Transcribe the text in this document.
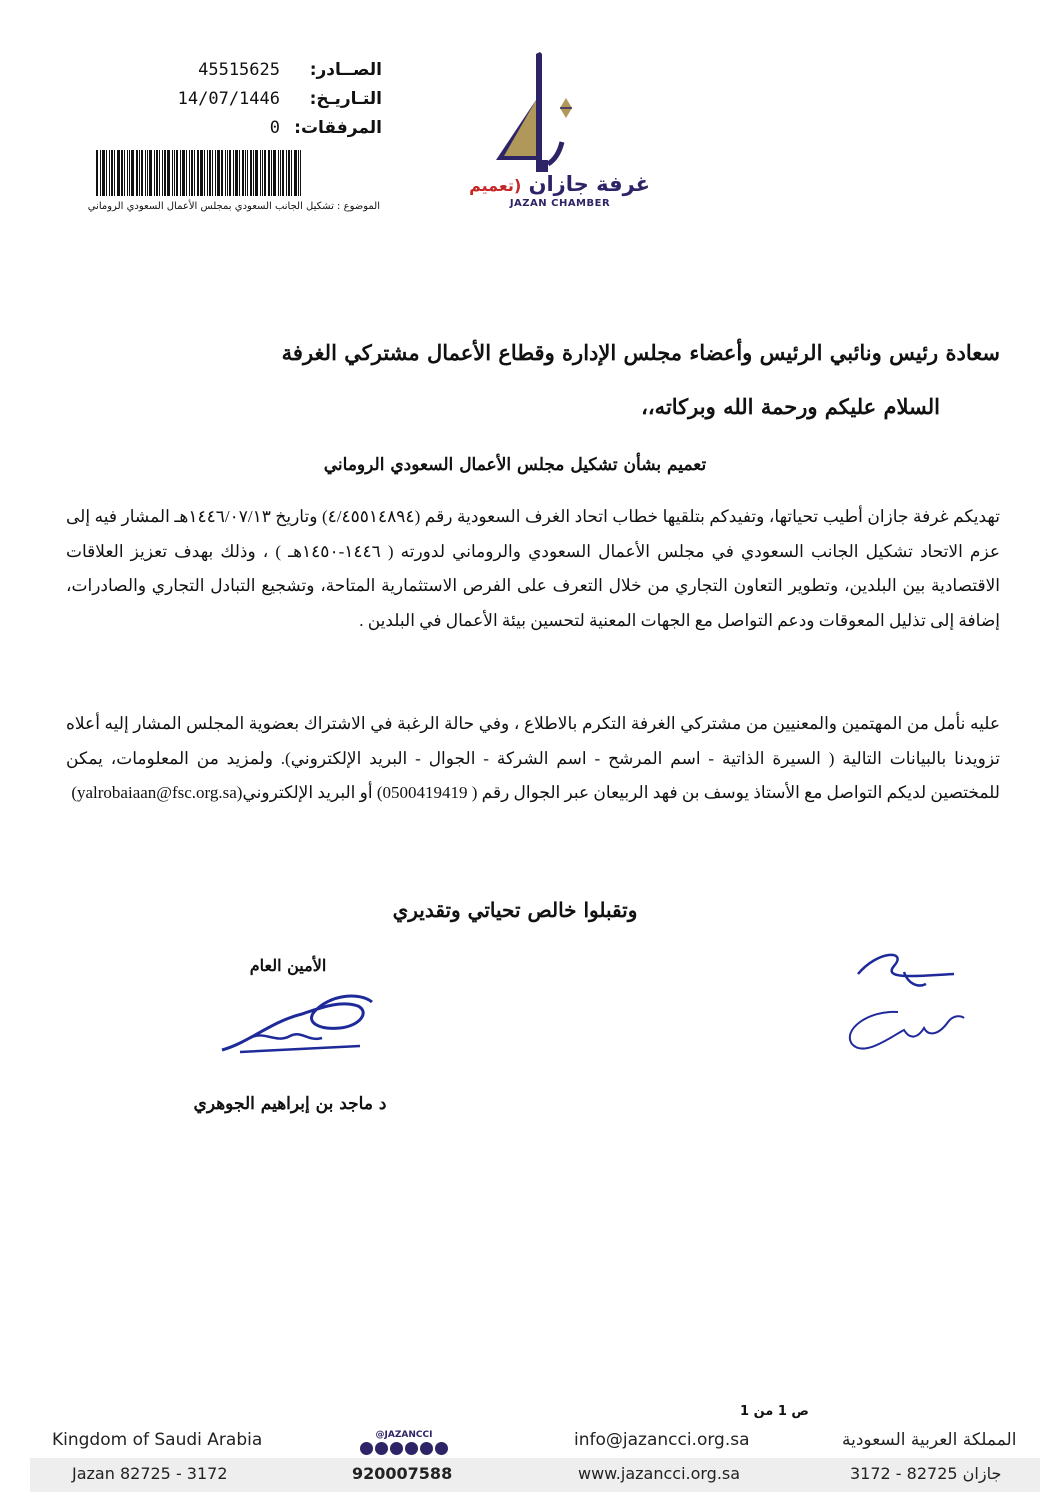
الصــادر:
45515625
التـاريـخ:
14/07/1446
المرفقات:
0
الموضوع : تشكيل الجانب السعودي بمجلس الأعمال السعودي الروماني
غرفة جازان (تعميم
JAZAN CHAMBER
سعادة رئيس ونائبي الرئيس وأعضاء مجلس الإدارة وقطاع الأعمال مشتركي الغرفة
السلام عليكم ورحمة الله وبركاته،،
تعميم بشأن تشكيل مجلس الأعمال السعودي الروماني
تهديكم غرفة جازان أطيب تحياتها، وتفيدكم بتلقيها خطاب اتحاد الغرف السعودية رقم (٤/٤٥٥١٤٨٩٤) وتاريخ ١٤٤٦/٠٧/١٣هـ المشار فيه إلى عزم الاتحاد تشكيل الجانب السعودي في مجلس الأعمال السعودي والروماني لدورته ( ١٤٤٦-١٤٥٠هـ ) ، وذلك بهدف تعزيز العلاقات الاقتصادية بين البلدين، وتطوير التعاون التجاري من خلال التعرف على الفرص الاستثمارية المتاحة، وتشجيع التبادل التجاري والصادرات، إضافة إلى تذليل المعوقات ودعم التواصل مع الجهات المعنية لتحسين بيئة الأعمال في البلدين .
عليه نأمل من المهتمين والمعنيين من مشتركي الغرفة التكرم بالاطلاع ، وفي حالة الرغبة في الاشتراك بعضوية المجلس المشار إليه أعلاه تزويدنا بالبيانات التالية ( السيرة الذاتية - اسم المرشح - اسم الشركة - الجوال - البريد الإلكتروني). ولمزيد من المعلومات، يمكن للمختصين لديكم التواصل مع الأستاذ يوسف بن فهد الربيعان عبر الجوال رقم ( 0500419419) أو البريد الإلكتروني(yalrobaiaan@fsc.org.sa)
وتقبلوا خالص تحياتي وتقديري
الأمين العام
د ماجد بن إبراهيم الجوهري
ص 1 من 1
Kingdom of Saudi Arabia
Jazan 82725 - 3172
@JAZANCCI
920007588
info@jazancci.org.sa
www.jazancci.org.sa
المملكة العربية السعودية
جازان 82725 - 3172
